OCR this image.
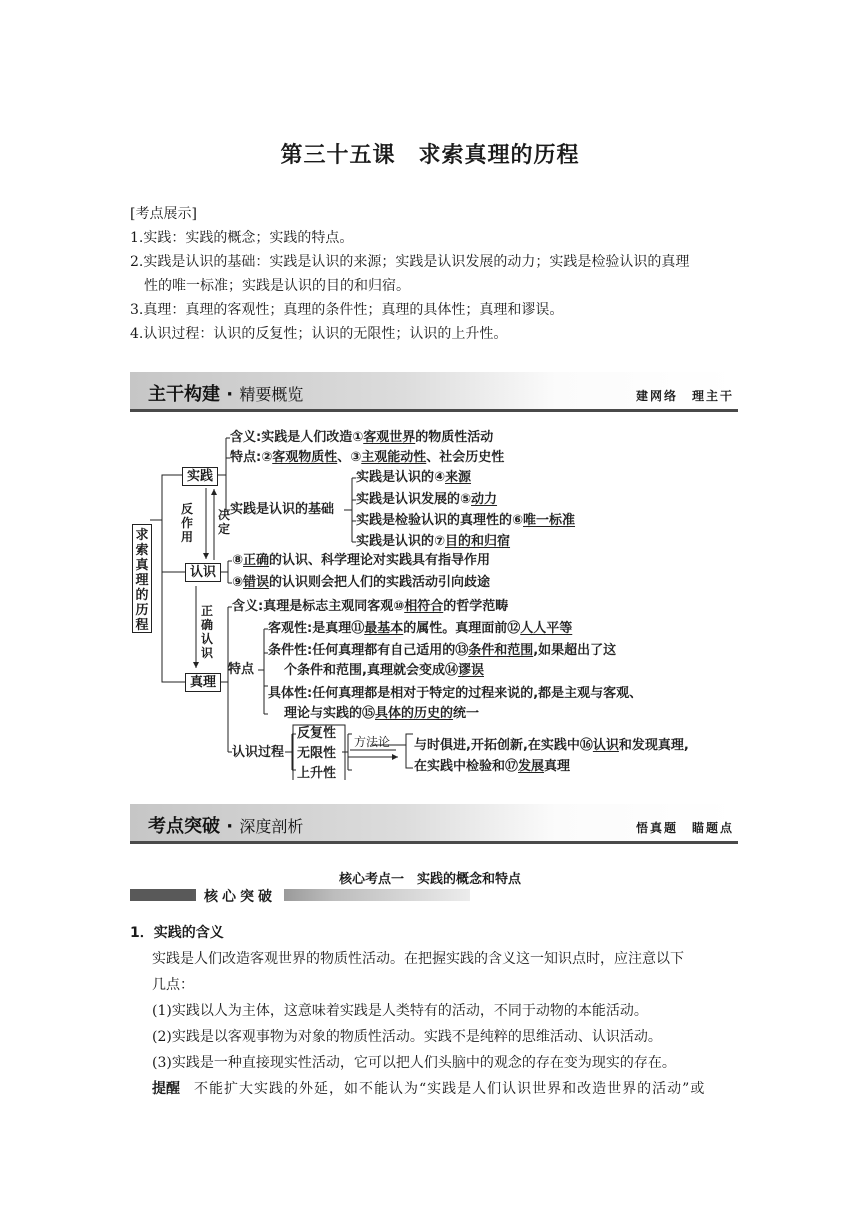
第三十五课　求索真理的历程
[考点展示]
1.实践：实践的概念；实践的特点。
2.实践是认识的基础：实践是认识的来源；实践是认识发展的动力；实践是检验认识的真理
性的唯一标准；实践是认识的目的和归宿。
3.真理：真理的客观性；真理的条件性；真理的具体性；真理和谬误。
4.认识过程：认识的反复性；认识的无限性；认识的上升性。
主干构建 · 精要概览	建网络　理主干
求索真理的历程
实践
认识
真理
反作用
决定
正确认识
含义:实践是人们改造①客观世界的物质性活动
特点:②客观物质性、③主观能动性、社会历史性
实践是认识的基础
实践是认识的④来源
实践是认识发展的⑤动力
实践是检验认识的真理性的⑥唯一标准
实践是认识的⑦目的和归宿
⑧正确的认识、科学理论对实践具有指导作用
⑨错误的认识则会把人们的实践活动引向歧途
含义:真理是标志主观同客观⑩相符合的哲学范畴
特点
客观性:是真理⑪最基本的属性。真理面前⑫人人平等
条件性:任何真理都有自己适用的⑬条件和范围,如果超出了这
个条件和范围,真理就会变成⑭谬误
具体性:任何真理都是相对于特定的过程来说的,都是主观与客观、
理论与实践的⑮具体的历史的统一
认识过程
反复性
无限性
上升性
方法论 与时俱进,开拓创新,在实践中⑯认识和发现真理,
在实践中检验和⑰发展真理
考点突破 · 深度剖析	悟真题　瞄题点
核心考点一　实践的概念和特点
核心突破
1．实践的含义
实践是人们改造客观世界的物质性活动。在把握实践的含义这一知识点时，应注意以下
几点：
(1)实践以人为主体，这意味着实践是人类特有的活动，不同于动物的本能活动。
(2)实践是以客观事物为对象的物质性活动。实践不是纯粹的思维活动、认识活动。
(3)实践是一种直接现实性活动，它可以把人们头脑中的观念的存在变为现实的存在。
提醒　 不能扩大实践的外延，如不能认为“实践是人们认识世界和改造世界的活动”或
